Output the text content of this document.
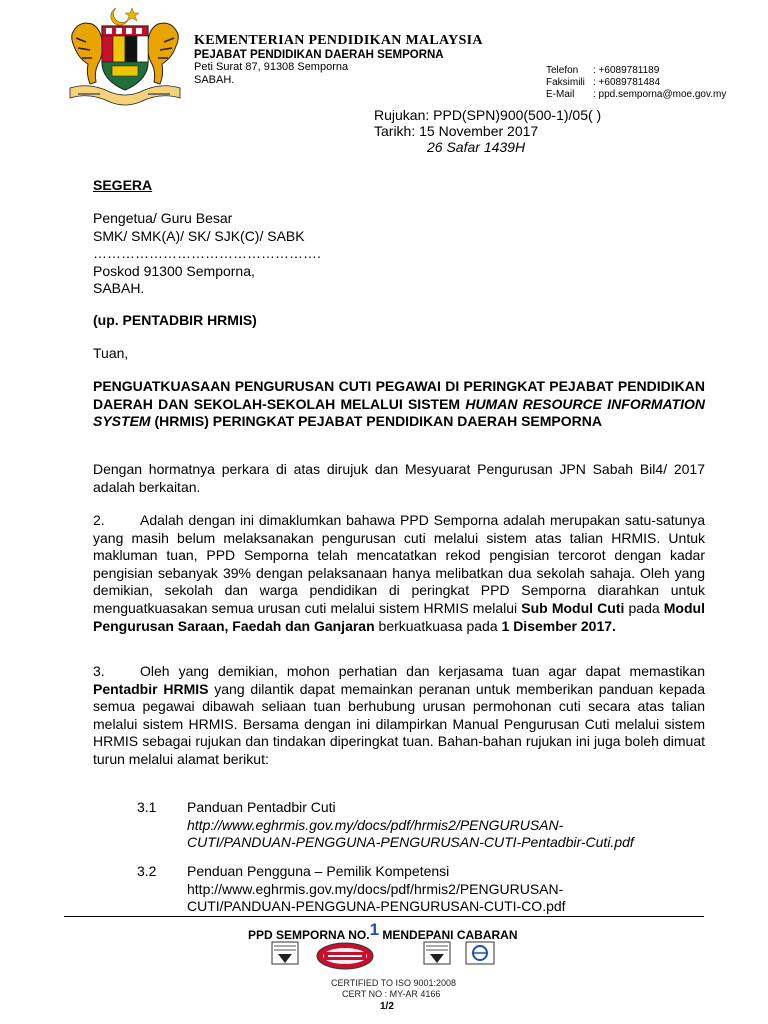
KEMENTERIAN PENDIDIKAN MALAYSIA
PEJABAT PENDIDIKAN DAERAH SEMPORNA
Peti Surat 87, 91308 Semporna
SABAH.
Telefon : +6089781189
Faksimili : +6089781484
E-Mail : ppd.semporna@moe.gov.my
Rujukan: PPD(SPN)900(500-1)/05( )
Tarikh: 15 November 2017
26 Safar 1439H
SEGERA
Pengetua/ Guru Besar
SMK/ SMK(A)/ SK/ SJK(C)/ SABK
………………………………………….
Poskod 91300 Semporna,
SABAH.
(up. PENTADBIR HRMIS)
Tuan,
PENGUATKUASAAN PENGURUSAN CUTI PEGAWAI DI PERINGKAT PEJABAT PENDIDIKAN DAERAH DAN SEKOLAH-SEKOLAH MELALUI SISTEM HUMAN RESOURCE INFORMATION SYSTEM (HRMIS) PERINGKAT PEJABAT PENDIDIKAN DAERAH SEMPORNA
Dengan hormatnya perkara di atas dirujuk dan Mesyuarat Pengurusan JPN Sabah Bil4/ 2017 adalah berkaitan.
2.	Adalah dengan ini dimaklumkan bahawa PPD Semporna adalah merupakan satu-satunya yang masih belum melaksanakan pengurusan cuti melalui sistem atas talian HRMIS. Untuk makluman tuan, PPD Semporna telah mencatatkan rekod pengisian tercorot dengan kadar pengisian sebanyak 39% dengan pelaksanaan hanya melibatkan dua sekolah sahaja. Oleh yang demikian, sekolah dan warga pendidikan di peringkat PPD Semporna diarahkan untuk menguatkuasakan semua urusan cuti melalui sistem HRMIS melalui Sub Modul Cuti pada Modul Pengurusan Saraan, Faedah dan Ganjaran berkuatkuasa pada 1 Disember 2017.
3.	Oleh yang demikian, mohon perhatian dan kerjasama tuan agar dapat memastikan Pentadbir HRMIS yang dilantik dapat memainkan peranan untuk memberikan panduan kepada semua pegawai dibawah seliaan tuan berhubung urusan permohonan cuti secara atas talian melalui sistem HRMIS. Bersama dengan ini dilampirkan Manual Pengurusan Cuti melalui sistem HRMIS sebagai rujukan dan tindakan diperingkat tuan. Bahan-bahan rujukan ini juga boleh dimuat turun melalui alamat berikut:
3.1 Panduan Pentadbir Cuti
http://www.eghrmis.gov.my/docs/pdf/hrmis2/PENGURUSAN-
CUTI/PANDUAN-PENGGUNA-PENGURUSAN-CUTI-Pentadbir-Cuti.pdf
3.2 Penduan Pengguna – Pemilik Kompetensi
http://www.eghrmis.gov.my/docs/pdf/hrmis2/PENGURUSAN-
CUTI/PANDUAN-PENGGUNA-PENGURUSAN-CUTI-CO.pdf
PPD SEMPORNA NO.1 MENDEPANI CABARAN
CERTIFIED TO ISO 9001:2008
CERT NO : MY-AR 4166
1/2
